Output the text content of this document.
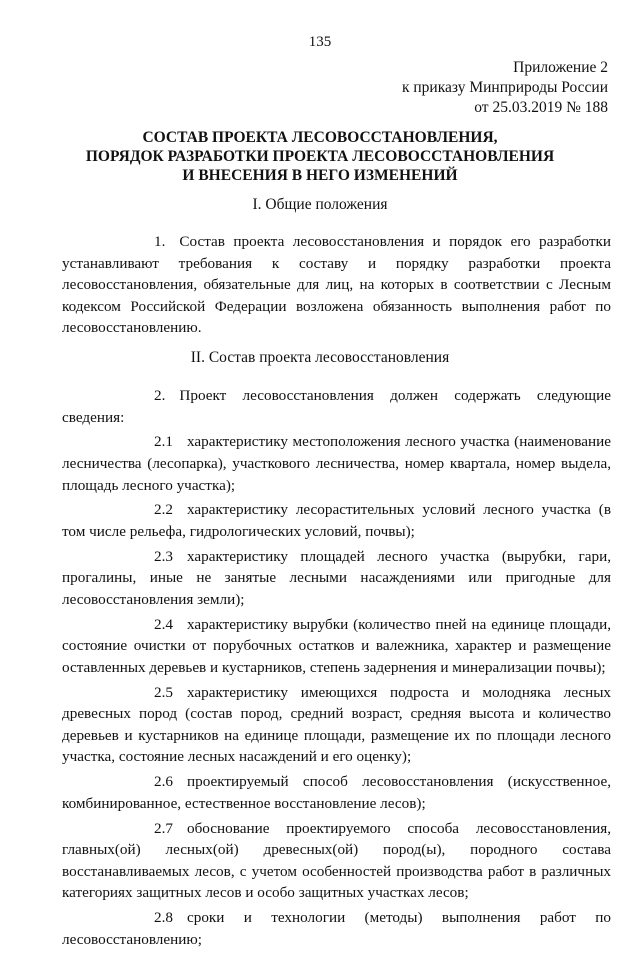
135
Приложение 2
к приказу Минприроды России
от 25.03.2019 № 188
СОСТАВ ПРОЕКТА ЛЕСОВОССТАНОВЛЕНИЯ,
ПОРЯДОК РАЗРАБОТКИ ПРОЕКТА ЛЕСОВОССТАНОВЛЕНИЯ
И ВНЕСЕНИЯ В НЕГО ИЗМЕНЕНИЙ
I. Общие положения

1. Состав проекта лесовосстановления и порядок его разработки устанавливают требования к составу и порядку разработки проекта лесовосстановления, обязательные для лиц, на которых в соответствии с Лесным кодексом Российской Федерации возложена обязанность выполнения работ по лесовосстановлению.

II. Состав проекта лесовосстановления

2. Проект лесовосстановления должен содержать следующие сведения:

2.1 характеристику местоположения лесного участка (наименование лесничества (лесопарка), участкового лесничества, номер квартала, номер выдела, площадь лесного участка);

2.2 характеристику лесорастительных условий лесного участка (в том числе рельефа, гидрологических условий, почвы);

2.3 характеристику площадей лесного участка (вырубки, гари, прогалины, иные не занятые лесными насаждениями или пригодные для лесовосстановления земли);

2.4 характеристику вырубки (количество пней на единице площади, состояние очистки от порубочных остатков и валежника, характер и размещение оставленных деревьев и кустарников, степень задернения и минерализации почвы);

2.5 характеристику имеющихся подроста и молодняка лесных древесных пород (состав пород, средний возраст, средняя высота и количество деревьев и кустарников на единице площади, размещение их по площади лесного участка, состояние лесных насаждений и его оценку);

2.6 проектируемый способ лесовосстановления (искусственное, комбинированное, естественное восстановление лесов);

2.7 обоснование проектируемого способа лесовосстановления, главных(ой) лесных(ой) древесных(ой) пород(ы), породного состава восстанавливаемых лесов, с учетом особенностей производства работ в различных категориях защитных лесов и особо защитных участках лесов;

2.8 сроки и технологии (методы) выполнения работ по лесовосстановлению;
